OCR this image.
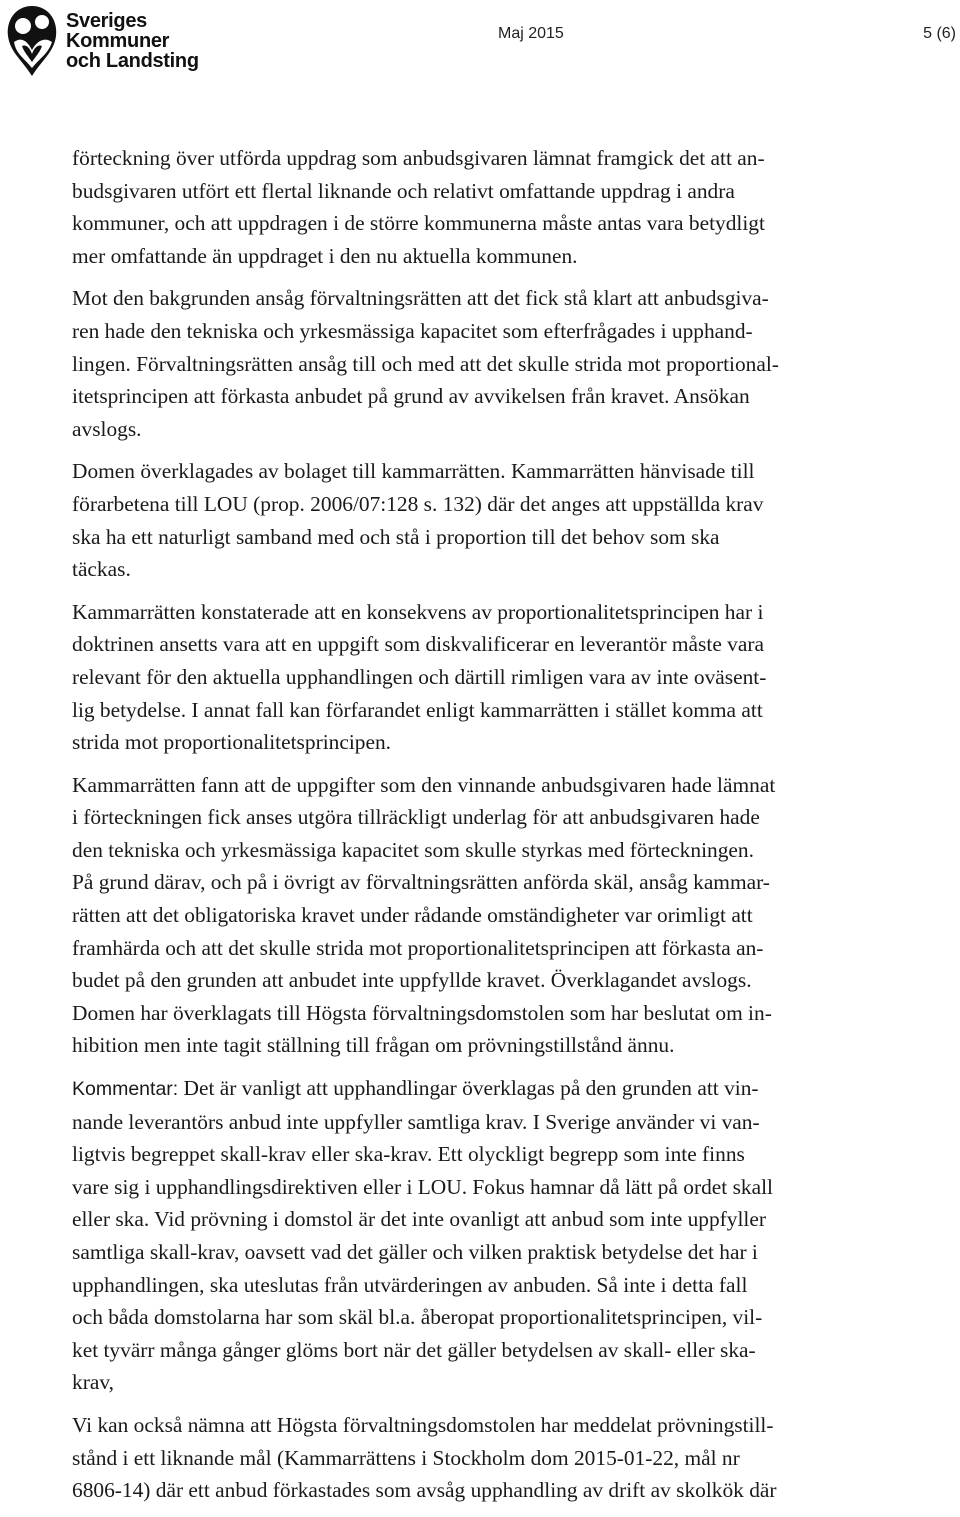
Sveriges
Kommuner
och Landsting
Maj 2015	5 (6)

förteckning över utförda uppdrag som anbudsgivaren lämnat framgick det att an-
budsgivaren utfört ett flertal liknande och relativt omfattande uppdrag i andra
kommuner, och att uppdragen i de större kommunerna måste antas vara betydligt
mer omfattande än uppdraget i den nu aktuella kommunen.

Mot den bakgrunden ansåg förvaltningsrätten att det fick stå klart att anbudsgiva-
ren hade den tekniska och yrkesmässiga kapacitet som efterfrågades i upphand-
lingen. Förvaltningsrätten ansåg till och med att det skulle strida mot proportional-
itetsprincipen att förkasta anbudet på grund av avvikelsen från kravet. Ansökan
avslogs.

Domen överklagades av bolaget till kammarrätten. Kammarrätten hänvisade till
förarbetena till LOU (prop. 2006/07:128 s. 132) där det anges att uppställda krav
ska ha ett naturligt samband med och stå i proportion till det behov som ska
täckas.

Kammarrätten konstaterade att en konsekvens av proportionalitetsprincipen har i
doktrinen ansetts vara att en uppgift som diskvalificerar en leverantör måste vara
relevant för den aktuella upphandlingen och därtill rimligen vara av inte oväsent-
lig betydelse. I annat fall kan förfarandet enligt kammarrätten i stället komma att
strida mot proportionalitetsprincipen.

Kammarrätten fann att de uppgifter som den vinnande anbudsgivaren hade lämnat
i förteckningen fick anses utgöra tillräckligt underlag för att anbudsgivaren hade
den tekniska och yrkesmässiga kapacitet som skulle styrkas med förteckningen.
På grund därav, och på i övrigt av förvaltningsrätten anförda skäl, ansåg kammar-
rätten att det obligatoriska kravet under rådande omständigheter var orimligt att
framhärda och att det skulle strida mot proportionalitetsprincipen att förkasta an-
budet på den grunden att anbudet inte uppfyllde kravet. Överklagandet avslogs.
Domen har överklagats till Högsta förvaltningsdomstolen som har beslutat om in-
hibition men inte tagit ställning till frågan om prövningstillstånd ännu.

Kommentar: Det är vanligt att upphandlingar överklagas på den grunden att vin-
nande leverantörs anbud inte uppfyller samtliga krav. I Sverige använder vi van-
ligtvis begreppet skall-krav eller ska-krav. Ett olyckligt begrepp som inte finns
vare sig i upphandlingsdirektiven eller i LOU. Fokus hamnar då lätt på ordet skall
eller ska. Vid prövning i domstol är det inte ovanligt att anbud som inte uppfyller
samtliga skall-krav, oavsett vad det gäller och vilken praktisk betydelse det har i
upphandlingen, ska uteslutas från utvärderingen av anbuden. Så inte i detta fall
och båda domstolarna har som skäl bl.a. åberopat proportionalitetsprincipen, vil-
ket tyvärr många gånger glöms bort när det gäller betydelsen av skall- eller ska-
krav,

Vi kan också nämna att Högsta förvaltningsdomstolen har meddelat prövningstill-
stånd i ett liknande mål (Kammarrättens i Stockholm dom 2015-01-22, mål nr
6806-14) där ett anbud förkastades som avsåg upphandling av drift av skolkök där
